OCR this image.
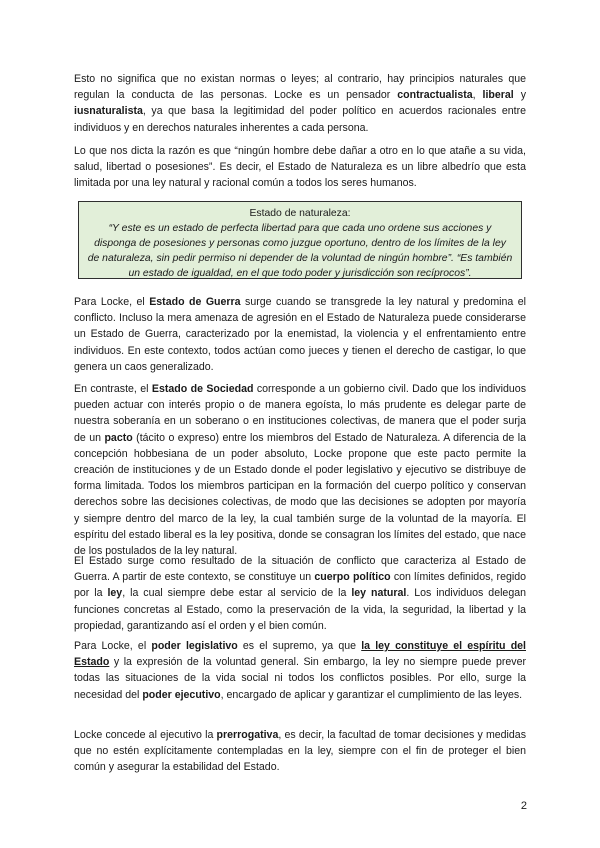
Esto no significa que no existan normas o leyes; al contrario, hay principios naturales que regulan la conducta de las personas. Locke es un pensador contractualista, liberal y iusnaturalista, ya que basa la legitimidad del poder político en acuerdos racionales entre individuos y en derechos naturales inherentes a cada persona.

Lo que nos dicta la razón es que “ningún hombre debe dañar a otro en lo que atañe a su vida, salud, libertad o posesiones”. Es decir, el Estado de Naturaleza es un libre albedrío que esta limitada por una ley natural y racional común a todos los seres humanos.

Estado de naturaleza:

“Y este es un estado de perfecta libertad para que cada uno ordene sus acciones y disponga de posesiones y personas como juzgue oportuno, dentro de los límites de la ley de naturaleza, sin pedir permiso ni depender de la voluntad de ningún hombre”. “Es también un estado de igualdad, en el que todo poder y jurisdicción son recíprocos”.

Para Locke, el Estado de Guerra surge cuando se transgrede la ley natural y predomina el conflicto. Incluso la mera amenaza de agresión en el Estado de Naturaleza puede considerarse un Estado de Guerra, caracterizado por la enemistad, la violencia y el enfrentamiento entre individuos. En este contexto, todos actúan como jueces y tienen el derecho de castigar, lo que genera un caos generalizado.

En contraste, el Estado de Sociedad corresponde a un gobierno civil. Dado que los individuos pueden actuar con interés propio o de manera egoísta, lo más prudente es delegar parte de nuestra soberanía en un soberano o en instituciones colectivas, de manera que el poder surja de un pacto (tácito o expreso) entre los miembros del Estado de Naturaleza. A diferencia de la concepción hobbesiana de un poder absoluto, Locke propone que este pacto permite la creación de instituciones y de un Estado donde el poder legislativo y ejecutivo se distribuye de forma limitada. Todos los miembros participan en la formación del cuerpo político y conservan derechos sobre las decisiones colectivas, de modo que las decisiones se adopten por mayoría y siempre dentro del marco de la ley, la cual también surge de la voluntad de la mayoría. El espíritu del estado liberal es la ley positiva, donde se consagran los límites del estado, que nace de los postulados de la ley natural.

El Estado surge como resultado de la situación de conflicto que caracteriza al Estado de Guerra. A partir de este contexto, se constituye un cuerpo político con límites definidos, regido por la ley, la cual siempre debe estar al servicio de la ley natural. Los individuos delegan funciones concretas al Estado, como la preservación de la vida, la seguridad, la libertad y la propiedad, garantizando así el orden y el bien común.

Para Locke, el poder legislativo es el supremo, ya que la ley constituye el espíritu del Estado y la expresión de la voluntad general. Sin embargo, la ley no siempre puede prever todas las situaciones de la vida social ni todos los conflictos posibles. Por ello, surge la necesidad del poder ejecutivo, encargado de aplicar y garantizar el cumplimiento de las leyes.

Locke concede al ejecutivo la prerrogativa, es decir, la facultad de tomar decisiones y medidas que no estén explícitamente contempladas en la ley, siempre con el fin de proteger el bien común y asegurar la estabilidad del Estado.

2
